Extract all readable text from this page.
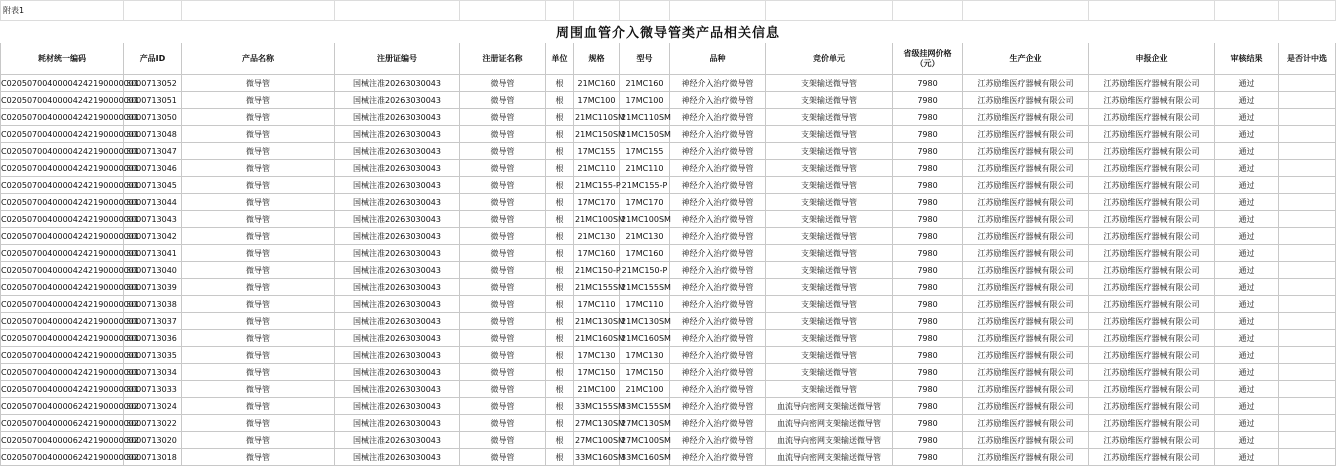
附表1														
周围血管介入微导管类产品相关信息														
耗材统一编码	产品ID	产品名称	注册证编号	注册证名称	单位	规格	型号	品种	竞价单元	省级挂网价格（元）	生产企业	申报企业	审核结果	是否计中选
C02050700400004242190000001	3000713052	微导管	国械注准20263030043	微导管	根	21MC160	21MC160	神经介入治疗微导管	支架输送微导管	7980	江苏励维医疗器械有限公司	江苏励维医疗器械有限公司	通过	
C02050700400004242190000001	3000713051	微导管	国械注准20263030043	微导管	根	17MC100	17MC100	神经介入治疗微导管	支架输送微导管	7980	江苏励维医疗器械有限公司	江苏励维医疗器械有限公司	通过	
C02050700400004242190000001	3000713050	微导管	国械注准20263030043	微导管	根	21MC110SM	21MC110SM	神经介入治疗微导管	支架输送微导管	7980	江苏励维医疗器械有限公司	江苏励维医疗器械有限公司	通过	
C02050700400004242190000001	3000713048	微导管	国械注准20263030043	微导管	根	21MC150SM	21MC150SM	神经介入治疗微导管	支架输送微导管	7980	江苏励维医疗器械有限公司	江苏励维医疗器械有限公司	通过	
C02050700400004242190000001	3000713047	微导管	国械注准20263030043	微导管	根	17MC155	17MC155	神经介入治疗微导管	支架输送微导管	7980	江苏励维医疗器械有限公司	江苏励维医疗器械有限公司	通过	
C02050700400004242190000001	3000713046	微导管	国械注准20263030043	微导管	根	21MC110	21MC110	神经介入治疗微导管	支架输送微导管	7980	江苏励维医疗器械有限公司	江苏励维医疗器械有限公司	通过	
C02050700400004242190000001	3000713045	微导管	国械注准20263030043	微导管	根	21MC155-P	21MC155-P	神经介入治疗微导管	支架输送微导管	7980	江苏励维医疗器械有限公司	江苏励维医疗器械有限公司	通过	
C02050700400004242190000001	3000713044	微导管	国械注准20263030043	微导管	根	17MC170	17MC170	神经介入治疗微导管	支架输送微导管	7980	江苏励维医疗器械有限公司	江苏励维医疗器械有限公司	通过	
C02050700400004242190000001	3000713043	微导管	国械注准20263030043	微导管	根	21MC100SM	21MC100SM	神经介入治疗微导管	支架输送微导管	7980	江苏励维医疗器械有限公司	江苏励维医疗器械有限公司	通过	
C02050700400004242190000001	3000713042	微导管	国械注准20263030043	微导管	根	21MC130	21MC130	神经介入治疗微导管	支架输送微导管	7980	江苏励维医疗器械有限公司	江苏励维医疗器械有限公司	通过	
C02050700400004242190000001	3000713041	微导管	国械注准20263030043	微导管	根	17MC160	17MC160	神经介入治疗微导管	支架输送微导管	7980	江苏励维医疗器械有限公司	江苏励维医疗器械有限公司	通过	
C02050700400004242190000001	3000713040	微导管	国械注准20263030043	微导管	根	21MC150-P	21MC150-P	神经介入治疗微导管	支架输送微导管	7980	江苏励维医疗器械有限公司	江苏励维医疗器械有限公司	通过	
C02050700400004242190000001	3000713039	微导管	国械注准20263030043	微导管	根	21MC155SM	21MC155SM	神经介入治疗微导管	支架输送微导管	7980	江苏励维医疗器械有限公司	江苏励维医疗器械有限公司	通过	
C02050700400004242190000001	3000713038	微导管	国械注准20263030043	微导管	根	17MC110	17MC110	神经介入治疗微导管	支架输送微导管	7980	江苏励维医疗器械有限公司	江苏励维医疗器械有限公司	通过	
C02050700400004242190000001	3000713037	微导管	国械注准20263030043	微导管	根	21MC130SM	21MC130SM	神经介入治疗微导管	支架输送微导管	7980	江苏励维医疗器械有限公司	江苏励维医疗器械有限公司	通过	
C02050700400004242190000001	3000713036	微导管	国械注准20263030043	微导管	根	21MC160SM	21MC160SM	神经介入治疗微导管	支架输送微导管	7980	江苏励维医疗器械有限公司	江苏励维医疗器械有限公司	通过	
C02050700400004242190000001	3000713035	微导管	国械注准20263030043	微导管	根	17MC130	17MC130	神经介入治疗微导管	支架输送微导管	7980	江苏励维医疗器械有限公司	江苏励维医疗器械有限公司	通过	
C02050700400004242190000001	3000713034	微导管	国械注准20263030043	微导管	根	17MC150	17MC150	神经介入治疗微导管	支架输送微导管	7980	江苏励维医疗器械有限公司	江苏励维医疗器械有限公司	通过	
C02050700400004242190000001	3000713033	微导管	国械注准20263030043	微导管	根	21MC100	21MC100	神经介入治疗微导管	支架输送微导管	7980	江苏励维医疗器械有限公司	江苏励维医疗器械有限公司	通过	
C02050700400006242190000002	3000713024	微导管	国械注准20263030043	微导管	根	33MC155SM	33MC155SM	神经介入治疗微导管	血流导向密网支架输送微导管	7980	江苏励维医疗器械有限公司	江苏励维医疗器械有限公司	通过	
C02050700400006242190000002	3000713022	微导管	国械注准20263030043	微导管	根	27MC130SM	27MC130SM	神经介入治疗微导管	血流导向密网支架输送微导管	7980	江苏励维医疗器械有限公司	江苏励维医疗器械有限公司	通过	
C02050700400006242190000002	3000713020	微导管	国械注准20263030043	微导管	根	27MC100SM	27MC100SM	神经介入治疗微导管	血流导向密网支架输送微导管	7980	江苏励维医疗器械有限公司	江苏励维医疗器械有限公司	通过	
C02050700400006242190000002	3000713018	微导管	国械注准20263030043	微导管	根	33MC160SM	33MC160SM	神经介入治疗微导管	血流导向密网支架输送微导管	7980	江苏励维医疗器械有限公司	江苏励维医疗器械有限公司	通过	
